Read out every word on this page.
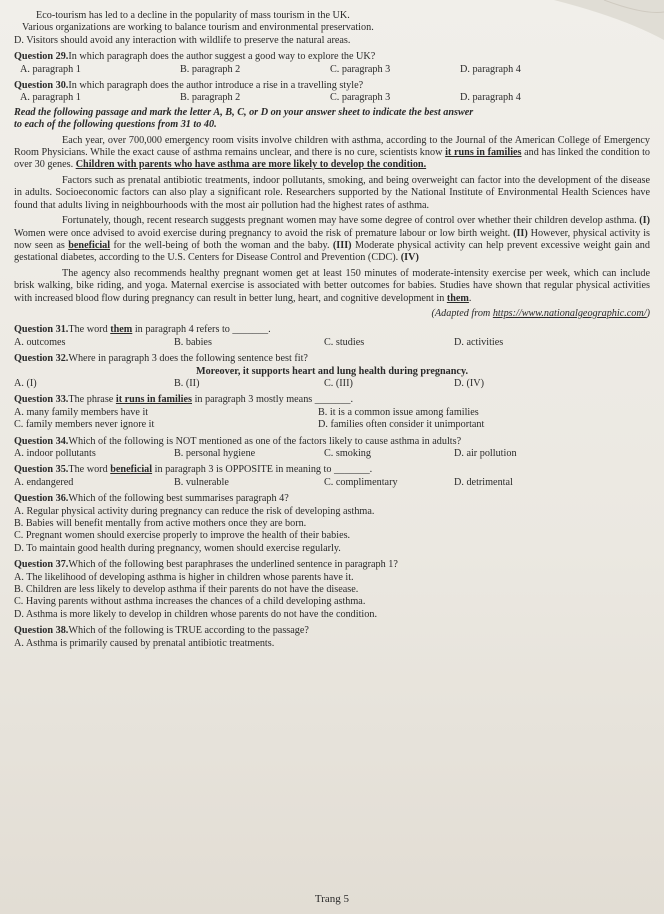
Eco-tourism has led to a decline in the popularity of mass tourism in the UK.
Various organizations are working to balance tourism and environmental preservation.
D. Visitors should avoid any interaction with wildlife to preserve the natural areas.
Question 29.In which paragraph does the author suggest a good way to explore the UK?
A. paragraph 1	B. paragraph 2	C. paragraph 3	D. paragraph 4
Question 30.In which paragraph does the author introduce a rise in a travelling style?
A. paragraph 1	B. paragraph 2	C. paragraph 3	D. paragraph 4
Read the following passage and mark the letter A, B, C, or D on your answer sheet to indicate the best answer
to each of the following questions from 31 to 40.
Each year, over 700,000 emergency room visits involve children with asthma, according to the Journal of the American College of Emergency Room Physicians. While the exact cause of asthma remains unclear, and there is no cure, scientists know it runs in families and has linked the condition to over 30 genes. Children with parents who have asthma are more likely to develop the condition.
Factors such as prenatal antibiotic treatments, indoor pollutants, smoking, and being overweight can factor into the development of the disease in adults. Socioeconomic factors can also play a significant role. Researchers supported by the National Institute of Environmental Health Sciences have found that adults living in neighbourhoods with the most air pollution had the highest rates of asthma.
Fortunately, though, recent research suggests pregnant women may have some degree of control over whether their children develop asthma. (I) Women were once advised to avoid exercise during pregnancy to avoid the risk of premature labour or low birth weight. (II) However, physical activity is now seen as beneficial for the well-being of both the woman and the baby. (III) Moderate physical activity can help prevent excessive weight gain and gestational diabetes, according to the U.S. Centers for Disease Control and Prevention (CDC). (IV)
The agency also recommends healthy pregnant women get at least 150 minutes of moderate-intensity exercise per week, which can include brisk walking, bike riding, and yoga. Maternal exercise is associated with better outcomes for babies. Studies have shown that regular physical activities with increased blood flow during pregnancy can result in better lung, heart, and cognitive development in them.
(Adapted from https://www.nationalgeographic.com/)
Question 31.The word them in paragraph 4 refers to _______.
A. outcomes	B. babies	C. studies	D. activities
Question 32.Where in paragraph 3 does the following sentence best fit?
Moreover, it supports heart and lung health during pregnancy.
A. (I)	B. (II)	C. (III)	D. (IV)
Question 33.The phrase it runs in families in paragraph 3 mostly means _______.
A. many family members have it	B. it is a common issue among families
C. family members never ignore it	D. families often consider it unimportant
Question 34.Which of the following is NOT mentioned as one of the factors likely to cause asthma in adults?
A. indoor pollutants	B. personal hygiene	C. smoking	D. air pollution
Question 35.The word beneficial in paragraph 3 is OPPOSITE in meaning to _______.
A. endangered	B. vulnerable	C. complimentary	D. detrimental
Question 36.Which of the following best summarises paragraph 4?
A. Regular physical activity during pregnancy can reduce the risk of developing asthma.
B. Babies will benefit mentally from active mothers once they are born.
C. Pregnant women should exercise properly to improve the health of their babies.
D. To maintain good health during pregnancy, women should exercise regularly.
Question 37.Which of the following best paraphrases the underlined sentence in paragraph 1?
A. The likelihood of developing asthma is higher in children whose parents have it.
B. Children are less likely to develop asthma if their parents do not have the disease.
C. Having parents without asthma increases the chances of a child developing asthma.
D. Asthma is more likely to develop in children whose parents do not have the condition.
Question 38.Which of the following is TRUE according to the passage?
A. Asthma is primarily caused by prenatal antibiotic treatments.
Trang 5
